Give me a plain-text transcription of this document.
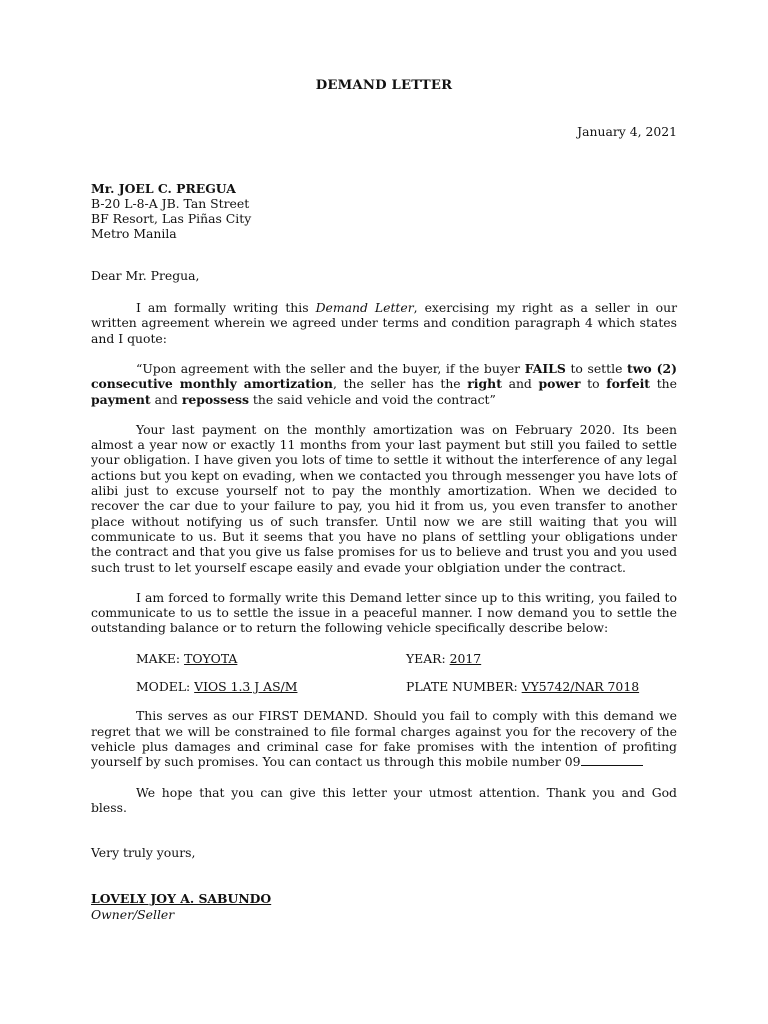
DEMAND LETTER
January 4, 2021
Mr. JOEL C. PREGUA
B-20 L-8-A JB. Tan Street
BF Resort, Las Piñas City
Metro Manila
Dear Mr. Pregua,

I am formally writing this Demand Letter, exercising my right as a seller in our written agreement wherein we agreed under terms and condition paragraph 4 which states and I quote:

“Upon agreement with the seller and the buyer, if the buyer FAILS to settle two (2) consecutive monthly amortization, the seller has the right and power to forfeit the payment and repossess the said vehicle and void the contract”

Your last payment on the monthly amortization was on February 2020. Its been almost a year now or exactly 11 months from your last payment but still you failed to settle your obligation. I have given you lots of time to settle it without the interference of any legal actions but you kept on evading, when we contacted you through messenger you have lots of alibi just to excuse yourself not to pay the monthly amortization. When we decided to recover the car due to your failure to pay, you hid it from us, you even transfer to another place without notifying us of such transfer. Until now we are still waiting that you will communicate to us. But it seems that you have no plans of settling your obligations under the contract and that you give us false promises for us to believe and trust you and you used such trust to let yourself escape easily and evade your oblgiation under the contract.

I am forced to formally write this Demand letter since up to this writing, you failed to communicate to us to settle the issue in a peaceful manner. I now demand you to settle the outstanding balance or to return the following vehicle specifically describe below:

MAKE: TOYOTA	YEAR: 2017
MODEL: VIOS 1.3 J AS/M	PLATE NUMBER: VY5742/NAR 7018

This serves as our FIRST DEMAND. Should you fail to comply with this demand we regret that we will be constrained to file formal charges against you for the recovery of the vehicle plus damages and criminal case for fake promises with the intention of profiting yourself by such promises. You can contact us through this mobile number 09

We hope that you can give this letter your utmost attention. Thank you and God bless.

Very truly yours,
LOVELY JOY A. SABUNDO
Owner/Seller
